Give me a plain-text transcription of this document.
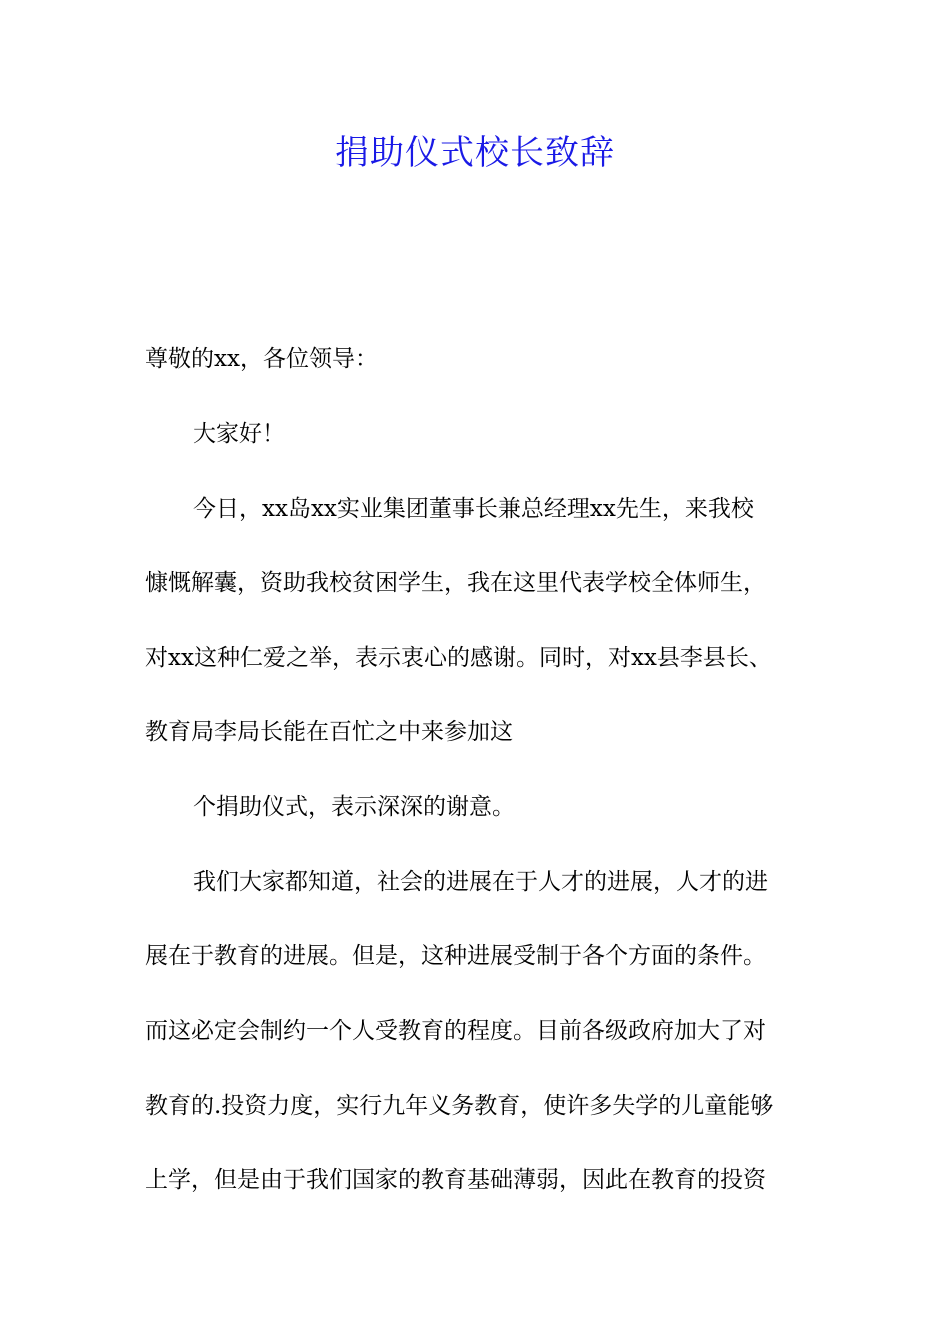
捐助仪式校长致辞
尊敬的xx，各位领导：
大家好！
今日，xx岛xx实业集团董事长兼总经理xx先生，来我校
慷慨解囊，资助我校贫困学生，我在这里代表学校全体师生，
对xx这种仁爱之举，表示衷心的感谢。同时，对xx县李县长、
教育局李局长能在百忙之中来参加这
个捐助仪式，表示深深的谢意。
我们大家都知道，社会的进展在于人才的进展，人才的进
展在于教育的进展。但是，这种进展受制于各个方面的条件。
而这必定会制约一个人受教育的程度。目前各级政府加大了对
教育的.投资力度，实行九年义务教育，使许多失学的儿童能够
上学，但是由于我们国家的教育基础薄弱，因此在教育的投资
